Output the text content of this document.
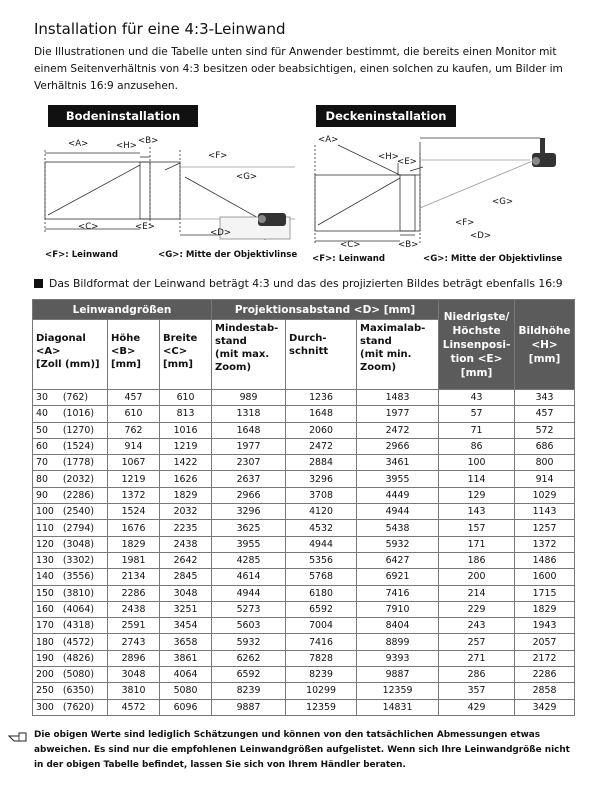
Installation für eine 4:3-Leinwand
Die Illustrationen und die Tabelle unten sind für Anwender bestimmt, die bereits einen Monitor mit einem Seitenverhältnis von 4:3 besitzen oder beabsichtigen, einen solchen zu kaufen, um Bilder im Verhältnis 16:9 anzusehen.
Bodeninstallation
<A>	<H> <B>
<F>
<G>
<C>	<E>
<D>
<F>: Leinwand	<G>: Mitte der Objektivlinse
Deckeninstallation
<A>
<H>
<E>
<F>
<G>
<C>	<B>
<D>
<F>: Leinwand	<G>: Mitte der Objektivlinse
Das Bildformat der Leinwand beträgt 4:3 und das des projizierten Bildes beträgt ebenfalls 16:9
Leinwandgrößen			Projektionsabstand <D> [mm]			Niedrigste/
Höchste
Linsenposi-
tion <E>
[mm]	Bildhöhe
<H>
[mm]
Diagonal
<A>
[Zoll (mm)]	Höhe
<B>
[mm]	Breite
<C>
[mm]	Mindestab-
stand
(mit max.
Zoom)	Durch-
schnitt	Maximalab-
stand
(mit min.
Zoom)		
30     (762)	457	610	989	1236	1483	43	343
40     (1016)	610	813	1318	1648	1977	57	457
50     (1270)	762	1016	1648	2060	2472	71	572
60     (1524)	914	1219	1977	2472	2966	86	686
70     (1778)	1067	1422	2307	2884	3461	100	800
80     (2032)	1219	1626	2637	3296	3955	114	914
90     (2286)	1372	1829	2966	3708	4449	129	1029
100   (2540)	1524	2032	3296	4120	4944	143	1143
110   (2794)	1676	2235	3625	4532	5438	157	1257
120   (3048)	1829	2438	3955	4944	5932	171	1372
130   (3302)	1981	2642	4285	5356	6427	186	1486
140   (3556)	2134	2845	4614	5768	6921	200	1600
150   (3810)	2286	3048	4944	6180	7416	214	1715
160   (4064)	2438	3251	5273	6592	7910	229	1829
170   (4318)	2591	3454	5603	7004	8404	243	1943
180   (4572)	2743	3658	5932	7416	8899	257	2057
190   (4826)	2896	3861	6262	7828	9393	271	2172
200   (5080)	3048	4064	6592	8239	9887	286	2286
250   (6350)	3810	5080	8239	10299	12359	357	2858
300   (7620)	4572	6096	9887	12359	14831	429	3429
Die obigen Werte sind lediglich Schätzungen und können von den tatsächlichen Abmessungen etwas abweichen. Es sind nur die empfohlenen Leinwandgrößen aufgelistet. Wenn sich Ihre Leinwandgröße nicht in der obigen Tabelle befindet, lassen Sie sich von Ihrem Händler beraten.
